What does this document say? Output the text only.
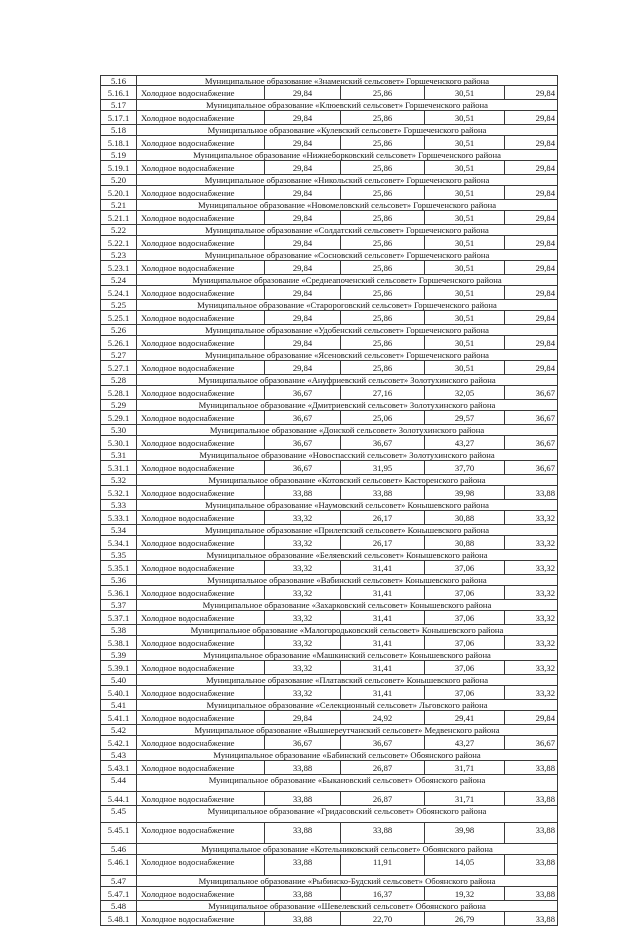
5.16	Муниципальное образование «Знаменский сельсовет» Горшеченского района
5.16.1	Холодное водоснабжение	29,84	25,86	30,51	29,84
5.17	Муниципальное образование «Клюевский сельсовет» Горшеченского района
5.17.1	Холодное водоснабжение	29,84	25,86	30,51	29,84
5.18	Муниципальное образование «Кулевский сельсовет» Горшеченского района
5.18.1	Холодное водоснабжение	29,84	25,86	30,51	29,84
5.19	Муниципальное образование «Нижнеборковский сельсовет» Горшеченского района
5.19.1	Холодное водоснабжение	29,84	25,86	30,51	29,84
5.20	Муниципальное образование «Никольский сельсовет» Горшеченского района
5.20.1	Холодное водоснабжение	29,84	25,86	30,51	29,84
5.21	Муниципальное образование «Новомеловский сельсовет» Горшеченского района
5.21.1	Холодное водоснабжение	29,84	25,86	30,51	29,84
5.22	Муниципальное образование «Солдатский сельсовет» Горшеченского района
5.22.1	Холодное водоснабжение	29,84	25,86	30,51	29,84
5.23	Муниципальное образование «Сосновский сельсовет» Горшеченского района
5.23.1	Холодное водоснабжение	29,84	25,86	30,51	29,84
5.24	Муниципальное образование «Среднеапоченский сельсовет» Горшеченского района
5.24.1	Холодное водоснабжение	29,84	25,86	30,51	29,84
5.25	Муниципальное образование «Старороговский сельсовет» Горшеченского района
5.25.1	Холодное водоснабжение	29,84	25,86	30,51	29,84
5.26	Муниципальное образование «Удобенский сельсовет» Горшеченского района
5.26.1	Холодное водоснабжение	29,84	25,86	30,51	29,84
5.27	Муниципальное образование «Ясеновский сельсовет» Горшеченского района
5.27.1	Холодное водоснабжение	29,84	25,86	30,51	29,84
5.28	Муниципальное образование «Ануфриевский сельсовет» Золотухинского района
5.28.1	Холодное водоснабжение	36,67	27,16	32,05	36,67
5.29	Муниципальное образование «Дмитриевский сельсовет» Золотухинского района
5.29.1	Холодное водоснабжение	36,67	25,06	29,57	36,67
5.30	Муниципальное образование «Донской сельсовет» Золотухинского района
5.30.1	Холодное водоснабжение	36,67	36,67	43,27	36,67
5.31	Муниципальное образование «Новоспасский сельсовет» Золотухинского района
5.31.1	Холодное водоснабжение	36,67	31,95	37,70	36,67
5.32	Муниципальное образование «Котовский сельсовет» Касторенского района
5.32.1	Холодное водоснабжение	33,88	33,88	39,98	33,88
5.33	Муниципальное образование «Наумовский сельсовет» Конышевского района
5.33.1	Холодное водоснабжение	33,32	26,17	30,88	33,32
5.34	Муниципальное образование «Прилепский сельсовет» Конышевского района
5.34.1	Холодное водоснабжение	33,32	26,17	30,88	33,32
5.35	Муниципальное образование «Беляевский сельсовет» Конышевского района
5.35.1	Холодное водоснабжение	33,32	31,41	37,06	33,32
5.36	Муниципальное образование «Вабинский сельсовет» Конышевского района
5.36.1	Холодное водоснабжение	33,32	31,41	37,06	33,32
5.37	Муниципальное образование «Захарковский сельсовет» Конышевского района
5.37.1	Холодное водоснабжение	33,32	31,41	37,06	33,32
5.38	Муниципальное образование «Малогородьковский сельсовет» Конышевского района
5.38.1	Холодное водоснабжение	33,32	31,41	37,06	33,32
5.39	Муниципальное образование «Машкинский сельсовет» Конышевского района
5.39.1	Холодное водоснабжение	33,32	31,41	37,06	33,32
5.40	Муниципальное образование «Платавский сельсовет» Конышевского района
5.40.1	Холодное водоснабжение	33,32	31,41	37,06	33,32
5.41	Муниципальное образование «Селекционный сельсовет» Льговского района
5.41.1	Холодное водоснабжение	29,84	24,92	29,41	29,84
5.42	Муниципальное образование «Вышнереутчанский сельсовет» Медвенского района
5.42.1	Холодное водоснабжение	36,67	36,67	43,27	36,67
5.43	Муниципальное образование «Бабинский сельсовет» Обоянского района
5.43.1	Холодное водоснабжение	33,88	26,87	31,71	33,88
5.44	Муниципальное образование «Быкановский сельсовет» Обоянского района
5.44.1	Холодное водоснабжение	33,88	26,87	31,71	33,88
5.45	Муниципальное образование «Гридасовский сельсовет» Обоянского района
5.45.1	Холодное водоснабжение	33,88	33,88	39,98	33,88
5.46	Муниципальное образование «Котельниковский сельсовет» Обоянского района
5.46.1	Холодное водоснабжение	33,88	11,91	14,05	33,88
5.47	Муниципальное образование «Рыбинско-Будский сельсовет» Обоянского района
5.47.1	Холодное водоснабжение	33,88	16,37	19,32	33,88
5.48	Муниципальное образование «Шевелевский сельсовет» Обоянского района
5.48.1	Холодное водоснабжение	33,88	22,70	26,79	33,88
